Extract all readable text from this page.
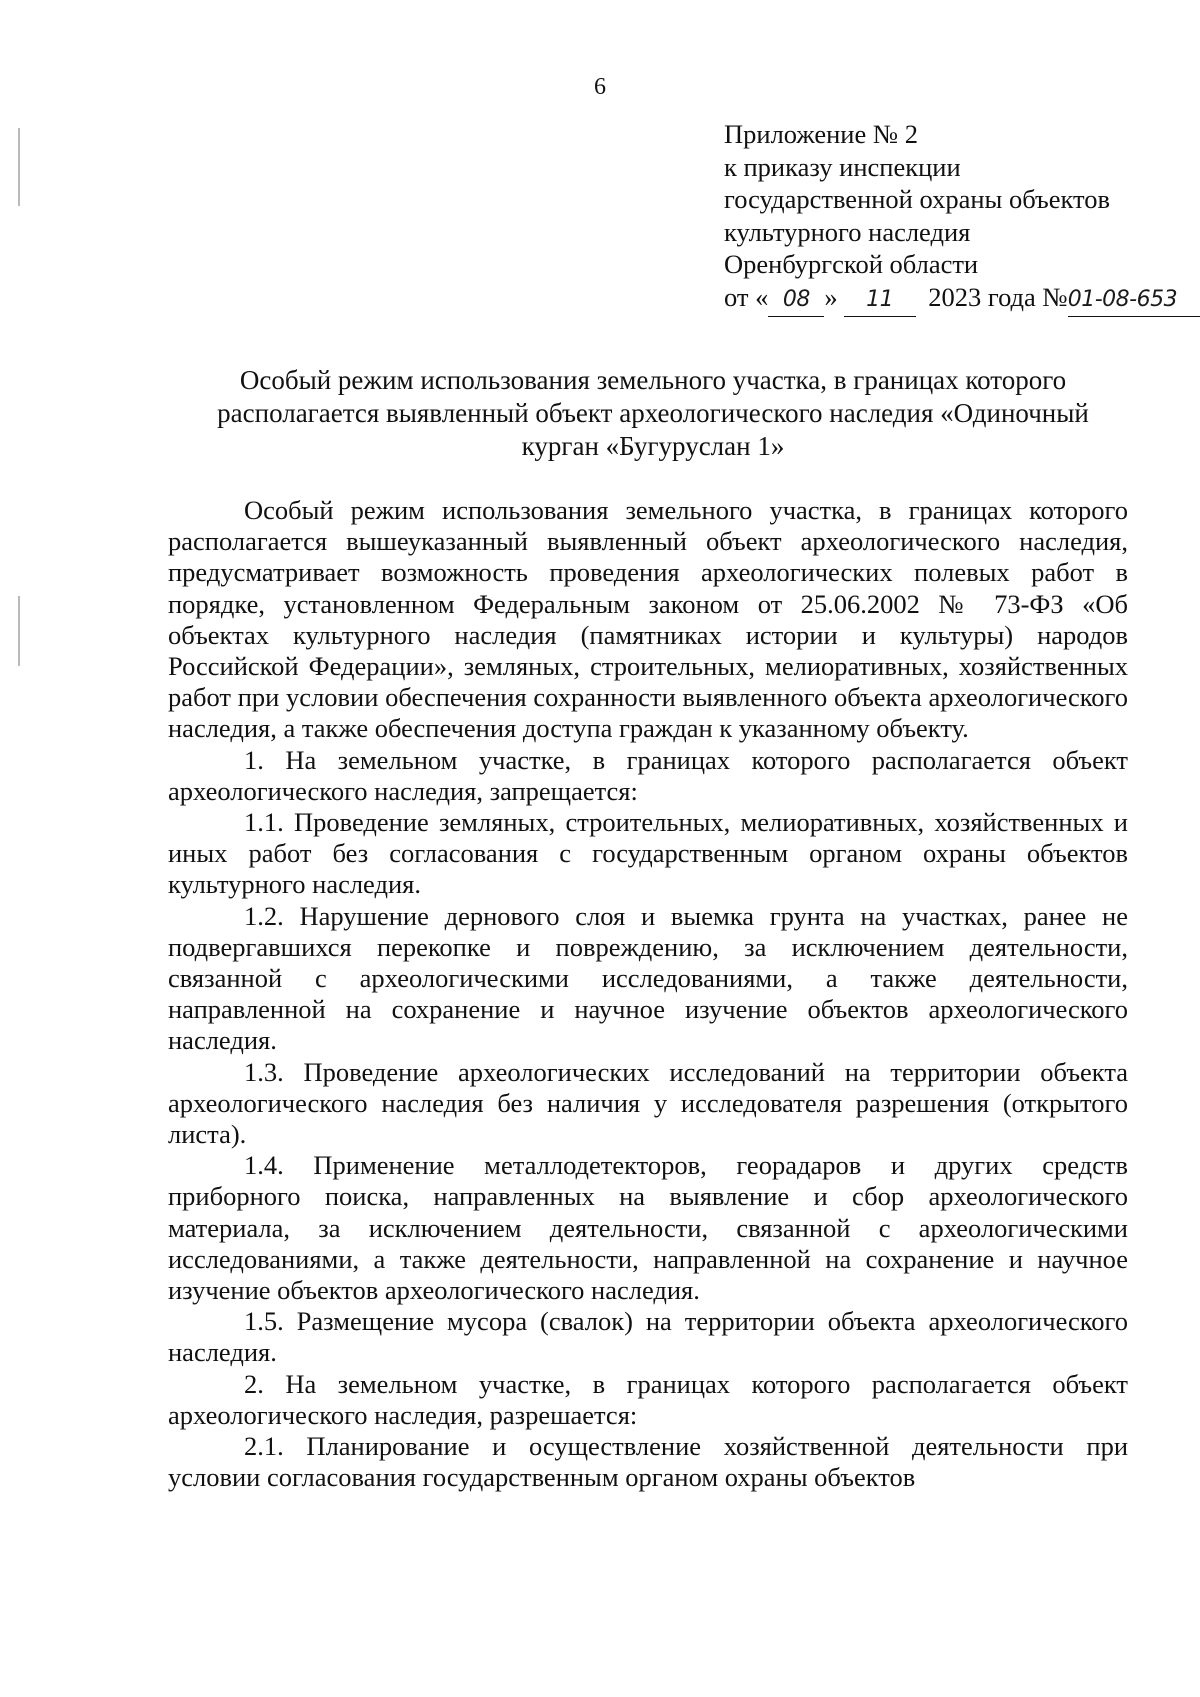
6
Приложение № 2
к приказу инспекции
государственной охраны объектов
культурного наследия
Оренбургской области
от « 08 » 11 2023 года №01-08-653
Особый режим использования земельного участка, в границах которого
располагается выявленный объект археологического наследия «Одиночный
курган «Бугуруслан 1»

Особый режим использования земельного участка, в границах которого располагается вышеуказанный выявленный объект археологического наследия, предусматривает возможность проведения археологических полевых работ в порядке, установленном Федеральным законом от 25.06.2002 № 73-ФЗ «Об объектах культурного наследия (памятниках истории и культуры) народов Российской Федерации», земляных, строительных, мелиоративных, хозяйственных работ при условии обеспечения сохранности выявленного объекта археологического наследия, а также обеспечения доступа граждан к указанному объекту.

1. На земельном участке, в границах которого располагается объект археологического наследия, запрещается:

1.1. Проведение земляных, строительных, мелиоративных, хозяйственных и иных работ без согласования с государственным органом охраны объектов культурного наследия.

1.2. Нарушение дернового слоя и выемка грунта на участках, ранее не подвергавшихся перекопке и повреждению, за исключением деятельности, связанной с археологическими исследованиями, а также деятельности, направленной на сохранение и научное изучение объектов археологического наследия.

1.3. Проведение археологических исследований на территории объекта археологического наследия без наличия у исследователя разрешения (открытого листа).

1.4. Применение металлодетекторов, георадаров и других средств приборного поиска, направленных на выявление и сбор археологического материала, за исключением деятельности, связанной с археологическими исследованиями, а также деятельности, направленной на сохранение и научное изучение объектов археологического наследия.

1.5. Размещение мусора (свалок) на территории объекта археологического наследия.

2. На земельном участке, в границах которого располагается объект археологического наследия, разрешается:

2.1. Планирование и осуществление хозяйственной деятельности при условии согласования государственным органом охраны объектов
